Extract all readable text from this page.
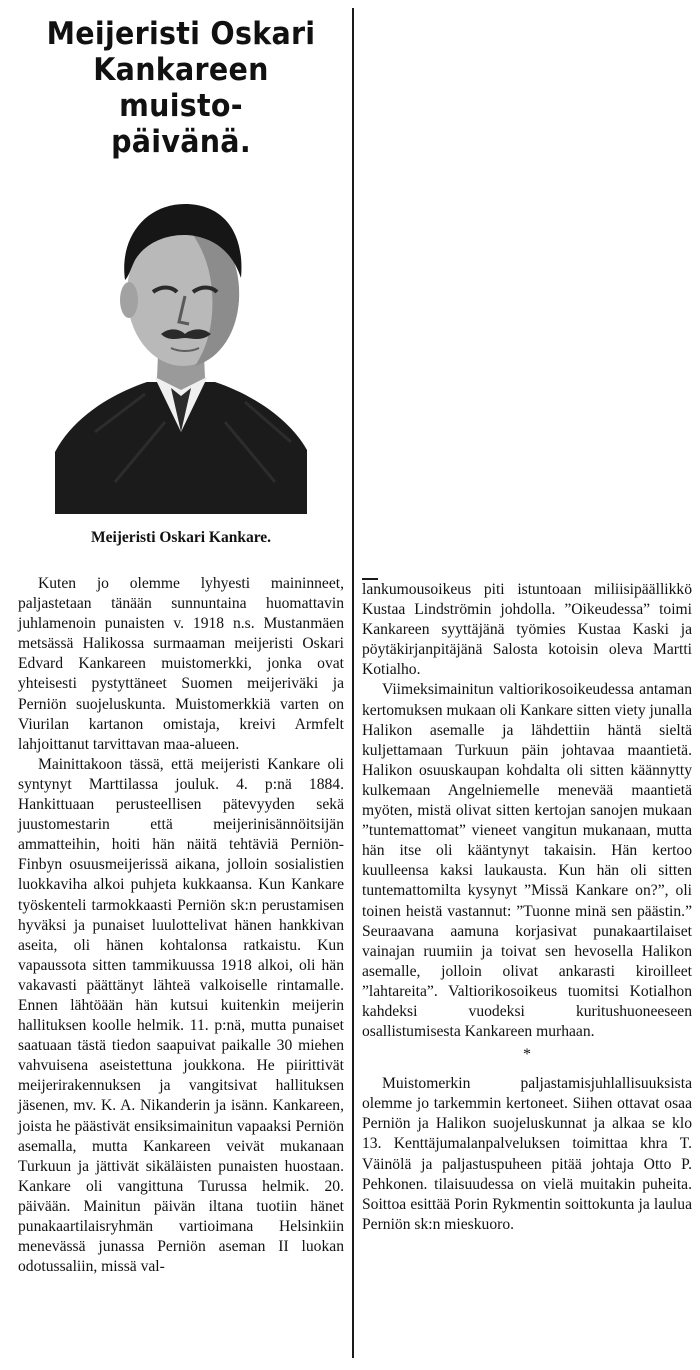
Meijeristi Oskari
Kankareen muisto-
päivänä.

Meijeristi Oskari Kankare.

Kuten jo olemme lyhyesti maininneet, paljastetaan tänään sunnuntaina huomattavin juhlamenoin punaisten v. 1918 n.s. Mustanmäen metsässä Halikossa surmaaman meijeristi Oskari Edvard Kankareen muistomerkki, jonka ovat yhteisesti pystyttäneet Suomen meijeriväki ja Perniön suojeluskunta. Muistomerkkiä varten on Viurilan kartanon omistaja, kreivi Armfelt lahjoittanut tarvittavan maa-alueen.

Mainittakoon tässä, että meijeristi Kankare oli syntynyt Marttilassa jouluk. 4. p:nä 1884. Hankittuaan perusteellisen pätevyyden sekä juustomestarin että meijerinisännöitsijän ammatteihin, hoiti hän näitä tehtäviä Perniön-Finbyn osuusmeijerissä aikana, jolloin sosialistien luokkaviha alkoi puhjeta kukkaansa. Kun Kankare työskenteli tarmokkaasti Perniön sk:n perustamisen hyväksi ja punaiset luulottelivat hänen hankkivan aseita, oli hänen kohtalonsa ratkaistu. Kun vapaussota sitten tammikuussa 1918 alkoi, oli hän vakavasti päättänyt lähteä valkoiselle rintamalle. Ennen lähtöään hän kutsui kuitenkin meijerin hallituksen koolle helmik. 11. p:nä, mutta punaiset saatuaan tästä tiedon saapuivat paikalle 30 miehen vahvuisena aseistettuna joukkona. He piirittivät meijerirakennuksen ja vangitsivat hallituksen jäsenen, mv. K. A. Nikanderin ja isänn. Kankareen, joista he päästivät ensiksimainitun vapaaksi Perniön asemalla, mutta Kankareen veivät mukanaan Turkuun ja jättivät sikäläisten punaisten huostaan. Kankare oli vangittuna Turussa helmik. 20. päivään. Mainitun päivän iltana tuotiin hänet punakaartilaisryhmän vartioimana Helsinkiin menevässä junassa Perniön aseman II luokan odotussaliin, missä val-

lankumousoikeus piti istuntoaan miliisipäällikkö Kustaa Lindströmin johdolla. ”Oikeudessa” toimi Kankareen syyttäjänä työmies Kustaa Kaski ja pöytäkirjanpitäjänä Salosta kotoisin oleva Martti Kotialho.

Viimeksimainitun valtiorikosoikeudessa antaman kertomuksen mukaan oli Kankare sitten viety junalla Halikon asemalle ja lähdettiin häntä sieltä kuljettamaan Turkuun päin johtavaa maantietä. Halikon osuuskaupan kohdalta oli sitten käännytty kulkemaan Angelniemelle menevää maantietä myöten, mistä olivat sitten kertojan sanojen mukaan ”tuntemattomat” vieneet vangitun mukanaan, mutta hän itse oli kääntynyt takaisin. Hän kertoo kuulleensa kaksi laukausta. Kun hän oli sitten tuntemattomilta kysynyt ”Missä Kankare on?”, oli toinen heistä vastannut: ”Tuonne minä sen päästin.” Seuraavana aamuna korjasivat punakaartilaiset vainajan ruumiin ja toivat sen hevosella Halikon asemalle, jolloin olivat ankarasti kiroilleet ”lahtareita”. Valtiorikosoikeus tuomitsi Kotialhon kahdeksi vuodeksi kuritushuoneeseen osallistumisesta Kankareen murhaan.

*

Muistomerkin paljastamisjuhlallisuuksista olemme jo tarkemmin kertoneet. Siihen ottavat osaa Perniön ja Halikon suojeluskunnat ja alkaa se klo 13. Kenttäjumalanpalveluksen toimittaa khra T. Väinölä ja paljastuspuheen pitää johtaja Otto P. Pehkonen. tilaisuudessa on vielä muitakin puheita. Soittoa esittää Porin Rykmentin soittokunta ja laulua Perniön sk:n mieskuoro.
